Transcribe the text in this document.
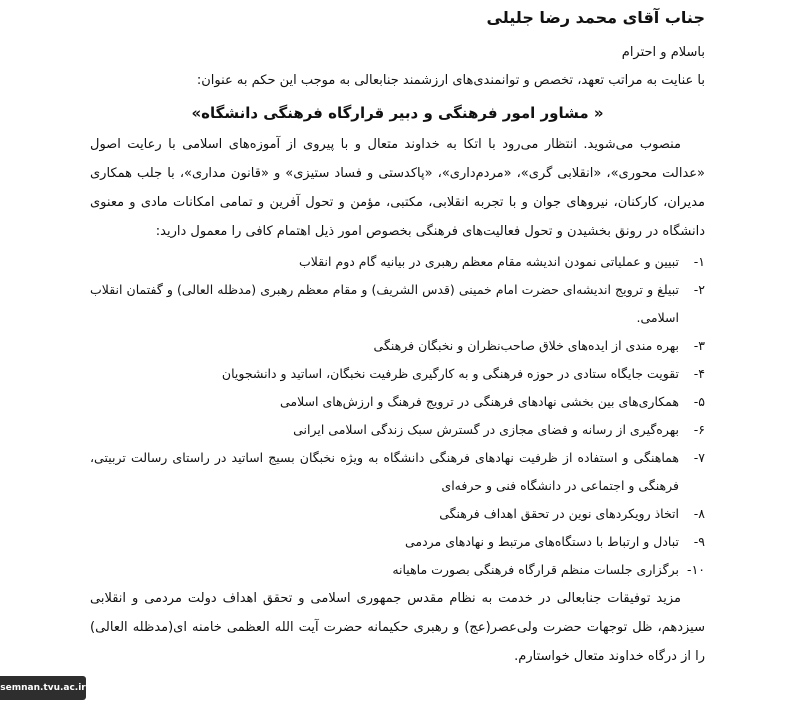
جناب آقای محمد رضا جلیلی

باسلام و احترام

با عنایت به مراتب تعهد، تخصص و توانمندی‌های ارزشمند جنابعالی به موجب این حکم به عنوان:

« مشاور امور فرهنگی و دبیر قرارگاه فرهنگی دانشگاه»

منصوب می‌شوید. انتظار می‌رود با اتکا به خداوند متعال و با پیروی از آموزه‌های اسلامی با رعایت اصول «عدالت محوری»، «انقلابی گری»، «مردم‌داری»، «پاکدستی و فساد ستیزی» و «قانون مداری»، با جلب همکاری مدیران، کارکنان، نیروهای جوان و با تجربه انقلابی، مکتبی، مؤمن و تحول آفرین و تمامی امکانات مادی و معنوی دانشگاه در رونق بخشیدن و تحول فعالیت‌های فرهنگی بخصوص امور ذیل اهتمام کافی را معمول دارید:

۱-
تبیین و عملیاتی نمودن اندیشه مقام معظم رهبری در بیانیه گام دوم انقلاب
۲-
تبیلغ و ترویج اندیشه‌ای حضرت امام خمینی (قدس الشریف) و مقام معظم رهبری (مدظله العالی) و گفتمان انقلاب اسلامی.
۳-
بهره مندی از ایده‌های خلاق صاحب‌نظران و نخبگان فرهنگی
۴-
تقویت جایگاه ستادی در حوزه فرهنگی و به کارگیری ظرفیت نخبگان، اساتید و دانشجویان
۵-
همکاری‌های بین بخشی نهادهای فرهنگی در ترویج فرهنگ و ارزش‌های اسلامی
۶-
بهره‌گیری از رسانه و فضای مجازی در گسترش سبک زندگی اسلامی ایرانی
۷-
هماهنگی و استفاده از ظرفیت نهادهای فرهنگی دانشگاه به ویژه نخبگان بسیج اساتید در راستای رسالت تربیتی، فرهنگی و اجتماعی در دانشگاه فنی و حرفه‌ای
۸-
اتخاذ رویکردهای نوین در تحقق اهداف فرهنگی
۹-
تبادل و ارتباط با دستگاه‌های مرتبط و نهادهای مردمی
۱۰-
برگزاری جلسات منظم قرارگاه فرهنگی بصورت ماهیانه

مزید توفیقات جنابعالی در خدمت به نظام مقدس جمهوری اسلامی و تحقق اهداف دولت مردمی و انقلابی سیزدهم، ظل توجهات حضرت ولی‌عصر(عج) و رهبری حکیمانه حضرت آیت الله العظمی خامنه ای(مدظله العالی) را از درگاه خداوند متعال خواستارم.

semnan.tvu.ac.ir
